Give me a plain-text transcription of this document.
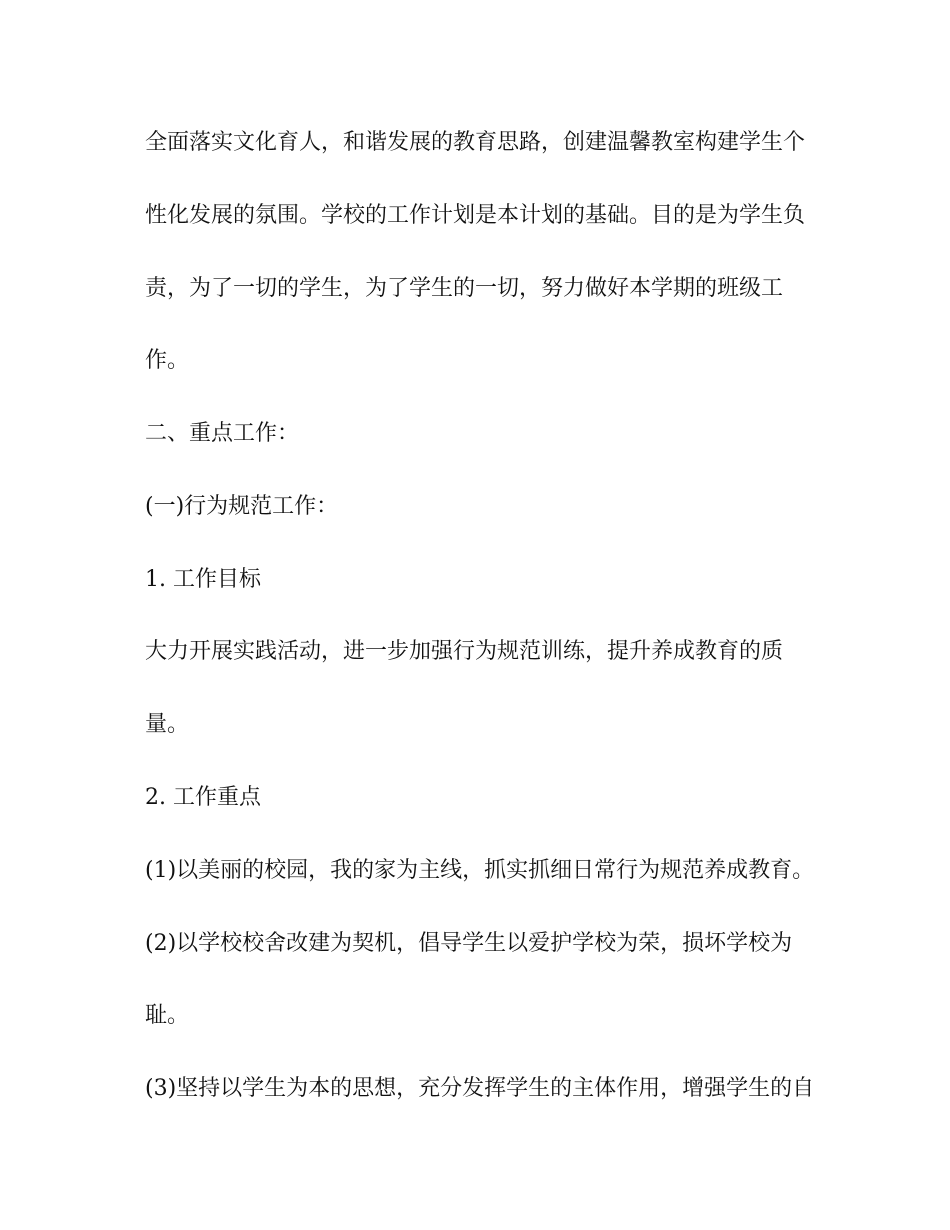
全面落实文化育人，和谐发展的教育思路，创建温馨教室构建学生个

性化发展的氛围。学校的工作计划是本计划的基础。目的是为学生负

责，为了一切的学生，为了学生的一切，努力做好本学期的班级工

作。

二、重点工作：

(一)行为规范工作：

1. 工作目标

大力开展实践活动，进一步加强行为规范训练，提升养成教育的质

量。

2. 工作重点

(1)以美丽的校园，我的家为主线，抓实抓细日常行为规范养成教育。

(2)以学校校舍改建为契机，倡导学生以爱护学校为荣，损坏学校为

耻。

(3)坚持以学生为本的思想，充分发挥学生的主体作用，增强学生的自
